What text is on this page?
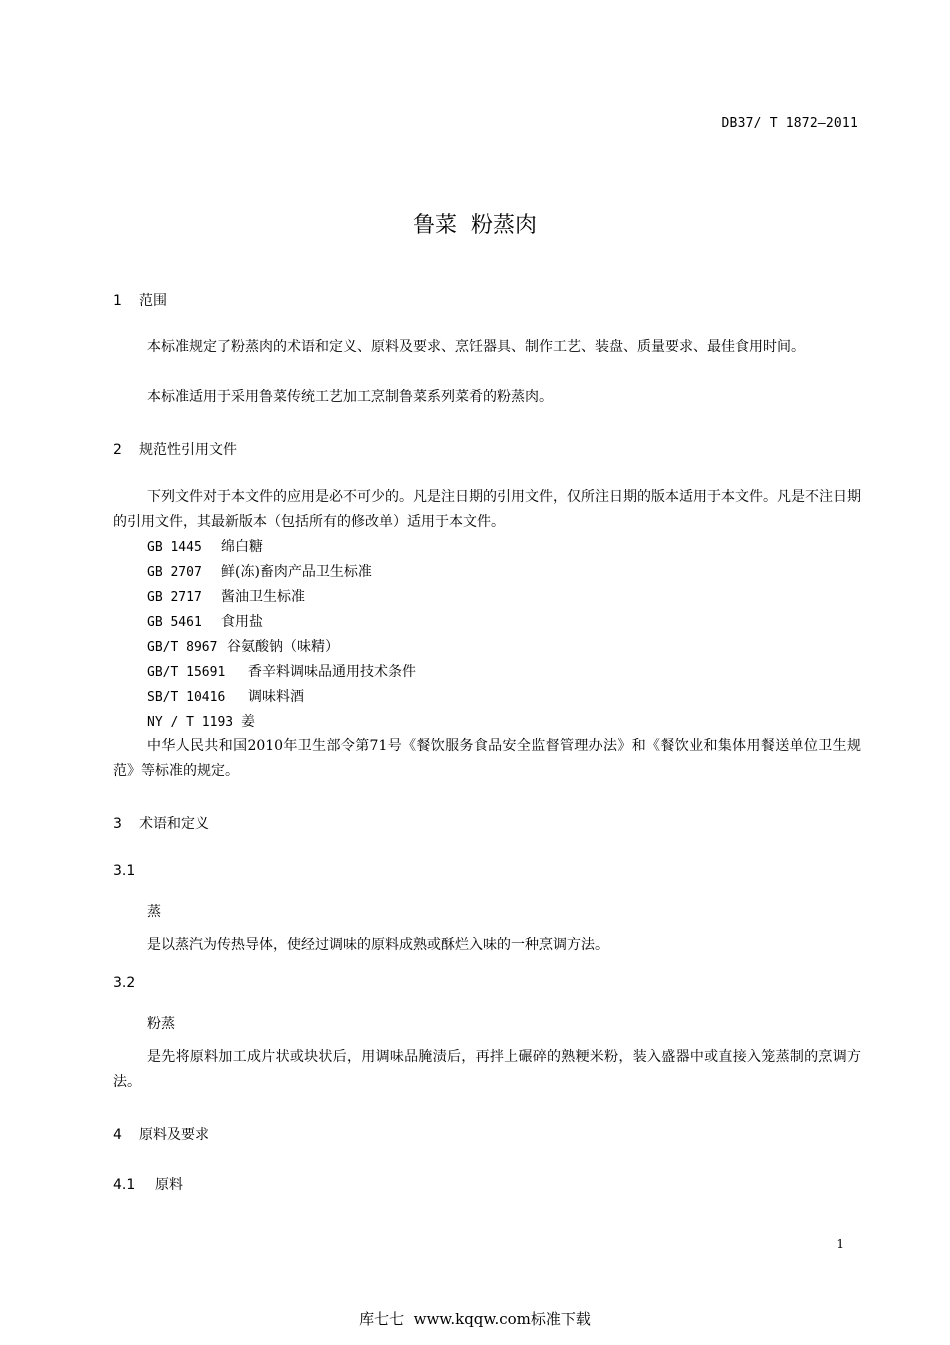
DB37/ T 1872—2011
鲁菜  粉蒸肉
1 范围

本标准规定了粉蒸肉的术语和定义、原料及要求、烹饪器具、制作工艺、装盘、质量要求、最佳食用时间。

本标准适用于采用鲁菜传统工艺加工烹制鲁菜系列菜肴的粉蒸肉。

2 规范性引用文件

下列文件对于本文件的应用是必不可少的。凡是注日期的引用文件，仅所注日期的版本适用于本文件。凡是不注日期的引用文件，其最新版本（包括所有的修改单）适用于本文件。

GB 1445 绵白糖
GB 2707 鲜(冻)畜肉产品卫生标准
GB 2717 酱油卫生标准
GB 5461 食用盐
GB/T 8967 谷氨酸钠（味精）
GB/T 15691 香辛料调味品通用技术条件
SB/T 10416 调味料酒
NY / T 1193 姜

中华人民共和国2010年卫生部令第71号《餐饮服务食品安全监督管理办法》和《餐饮业和集体用餐送单位卫生规范》等标准的规定。

3 术语和定义
3.1
蒸

是以蒸汽为传热导体，使经过调味的原料成熟或酥烂入味的一种烹调方法。

3.2
粉蒸

是先将原料加工成片状或块状后，用调味品腌渍后，再拌上碾碎的熟粳米粉，装入盛器中或直接入笼蒸制的烹调方法。

4 原料及要求
4.1 原料
1
库七七  www.kqqw.com标准下载
